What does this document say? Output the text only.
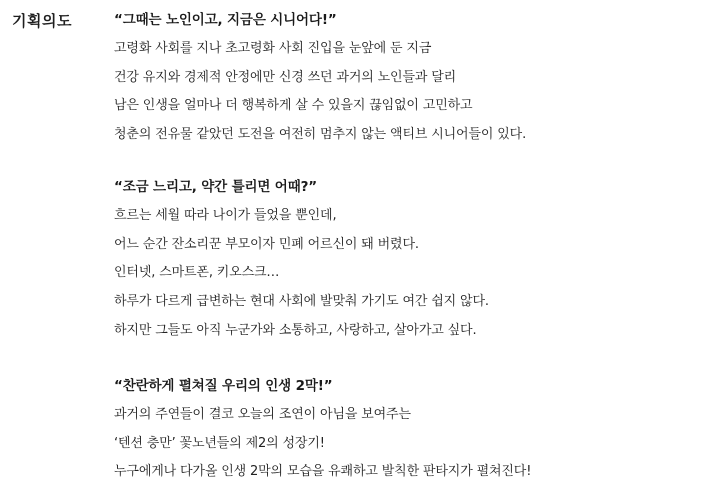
기획의도	“그때는 노인이고, 지금은 시니어다!”
고령화 사회를 지나 초고령화 사회 진입을 눈앞에 둔 지금
건강 유지와 경제적 안정에만 신경 쓰던 과거의 노인들과 달리
남은 인생을 얼마나 더 행복하게 살 수 있을지 끊임없이 고민하고
청춘의 전유물 같았던 도전을 여전히 멈추지 않는 액티브 시니어들이 있다.
“조금 느리고, 약간 틀리면 어때?”
흐르는 세월 따라 나이가 들었을 뿐인데,
어느 순간 잔소리꾼 부모이자 민폐 어르신이 돼 버렸다.
인터넷, 스마트폰, 키오스크…
하루가 다르게 급변하는 현대 사회에 발맞춰 가기도 여간 쉽지 않다.
하지만 그들도 아직 누군가와 소통하고, 사랑하고, 살아가고 싶다.
“찬란하게 펼쳐질 우리의 인생 2막!”
과거의 주연들이 결코 오늘의 조연이 아님을 보여주는
‘텐션 충만’ 꽃노년들의 제2의 성장기!
누구에게나 다가올 인생 2막의 모습을 유쾌하고 발칙한 판타지가 펼쳐진다!
